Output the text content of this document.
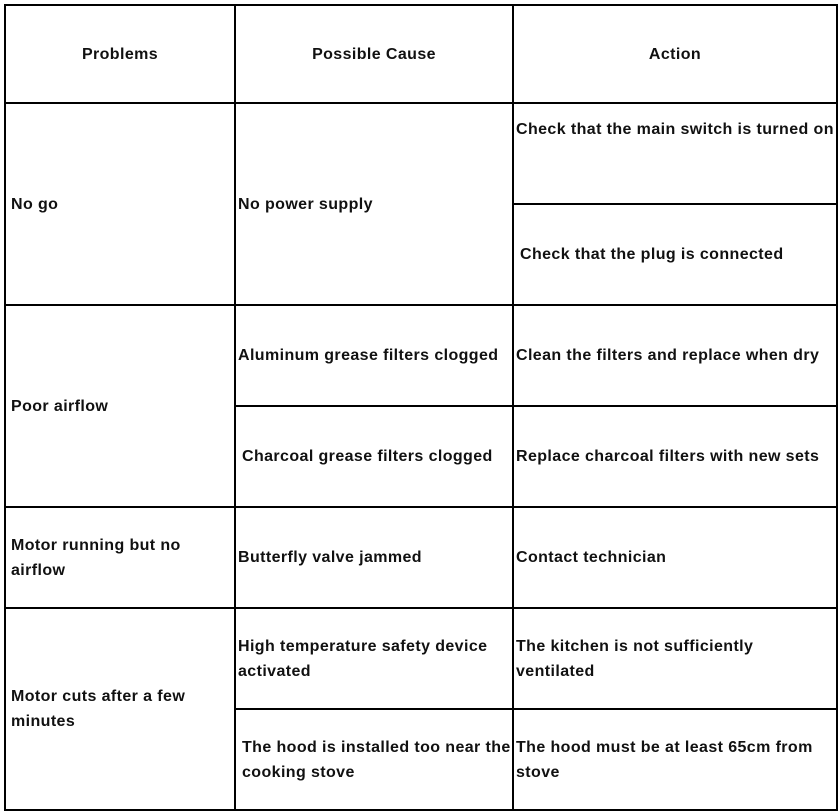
Problems	Possible Cause	Action
No go	No power supply	Check that the main switch is turned on
		Check that the plug is connected
Poor airflow	Aluminum grease filters clogged	Clean the filters and replace when dry
	Charcoal grease filters clogged	Replace charcoal filters with new sets
Motor running but no airflow	Butterfly valve jammed	Contact technician
Motor cuts after a few minutes	High temperature safety device activated	The kitchen is not sufficiently ventilated
	The hood is installed too near the cooking stove	The hood must be at least 65cm from stove
